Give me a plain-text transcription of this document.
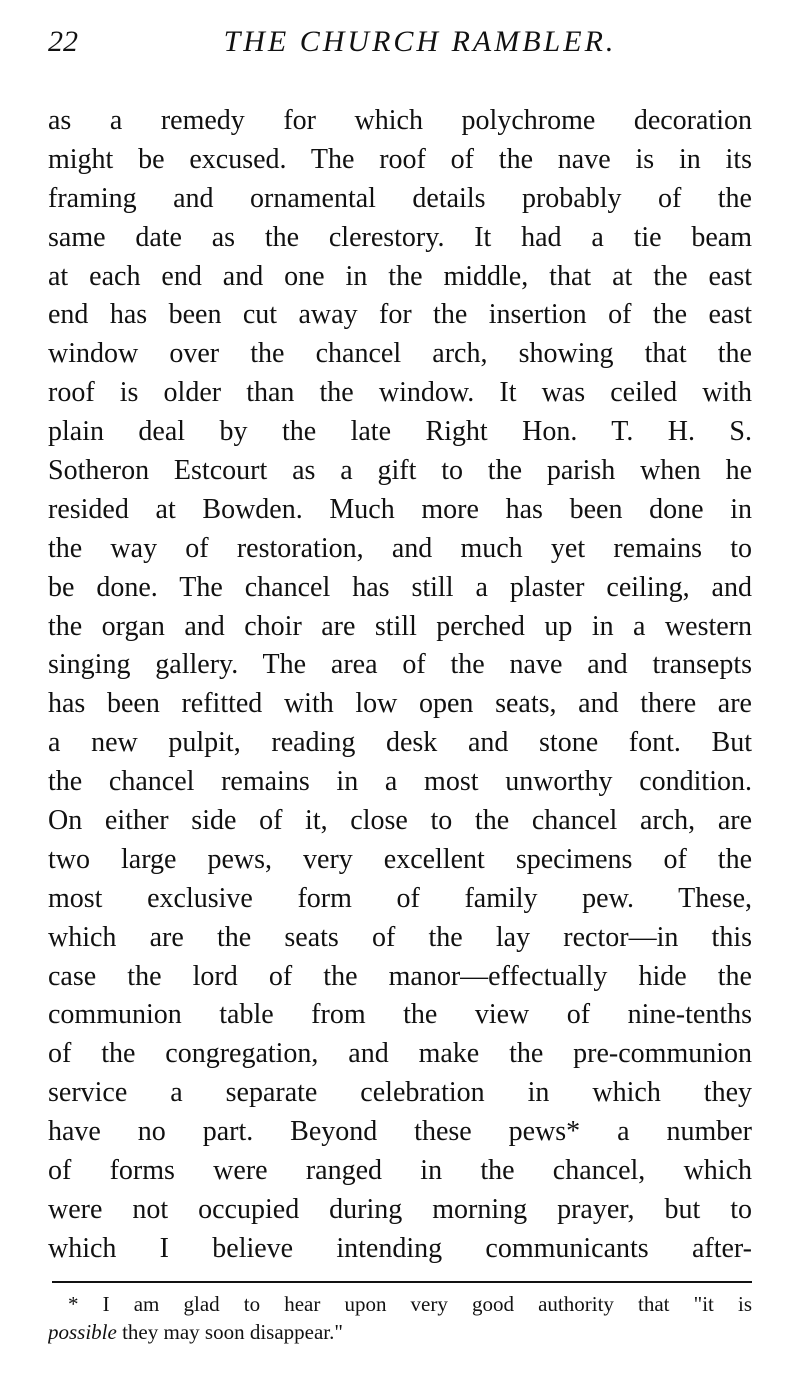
22	THE CHURCH RAMBLER.
as a remedy for which polychrome decoration
might be excused. The roof of the nave is in its
framing and ornamental details probably of the
same date as the clerestory. It had a tie beam
at each end and one in the middle, that at the east
end has been cut away for the insertion of the east
window over the chancel arch, showing that the
roof is older than the window. It was ceiled with
plain deal by the late Right Hon. T. H. S.
Sotheron Estcourt as a gift to the parish when he
resided at Bowden. Much more has been done in
the way of restoration, and much yet remains to
be done. The chancel has still a plaster ceiling, and
the organ and choir are still perched up in a western
singing gallery. The area of the nave and transepts
has been refitted with low open seats, and there are
a new pulpit, reading desk and stone font. But
the chancel remains in a most unworthy condition.
On either side of it, close to the chancel arch, are
two large pews, very excellent specimens of the
most exclusive form of family pew. These,
which are the seats of the lay rector—in this
case the lord of the manor—effectually hide the
communion table from the view of nine-tenths
of the congregation, and make the pre-communion
service a separate celebration in which they
have no part. Beyond these pews* a number
of forms were ranged in the chancel, which
were not occupied during morning prayer, but to
which I believe intending communicants after-
* I am glad to hear upon very good authority that "it is
possible they may soon disappear."
